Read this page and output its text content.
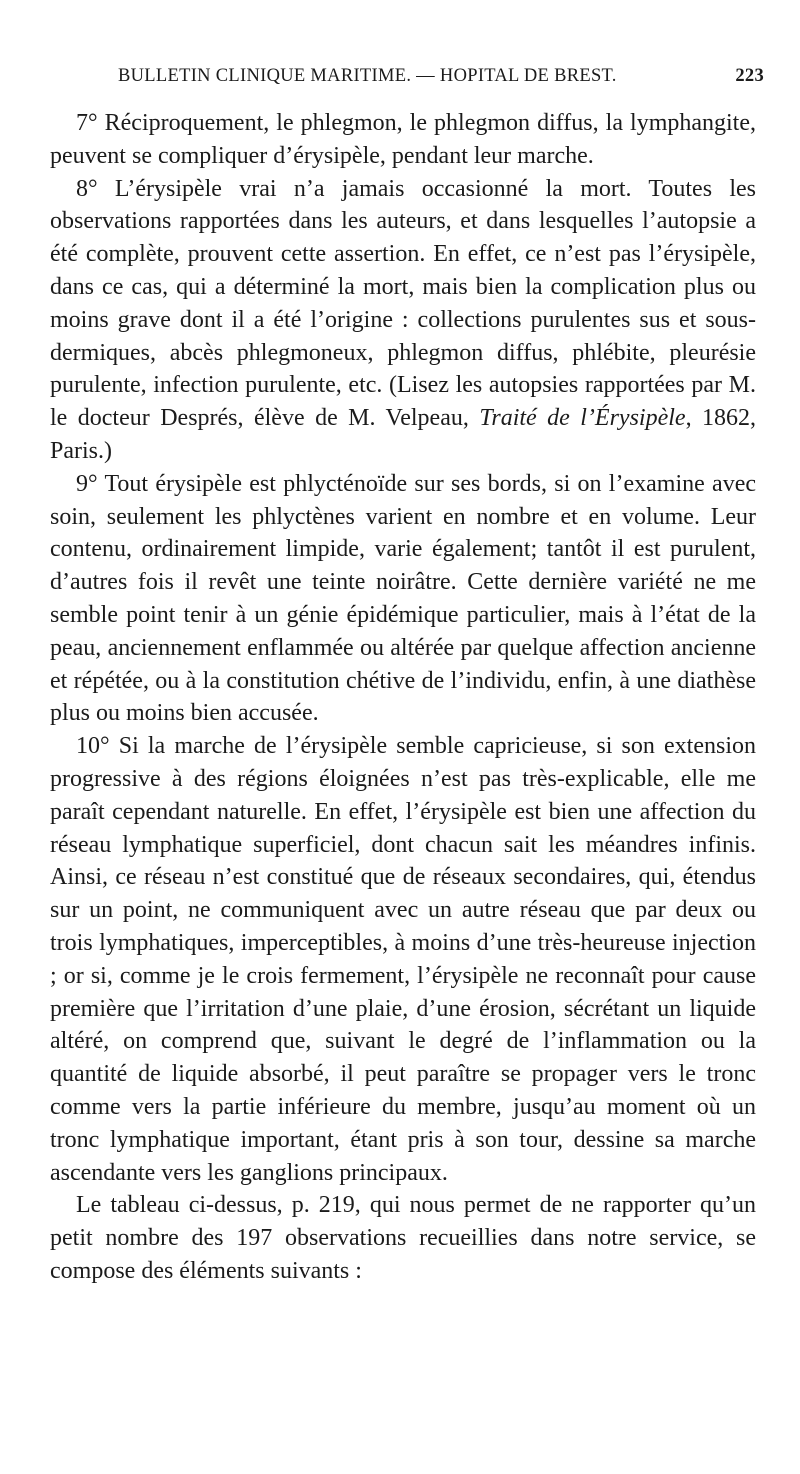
BULLETIN CLINIQUE MARITIME. — HOPITAL DE BREST.	223

7° Réciproquement, le phlegmon, le phlegmon diffus, la lymphangite, peuvent se compliquer d’érysipèle, pendant leur marche.

8° L’érysipèle vrai n’a jamais occasionné la mort. Toutes les observations rapportées dans les auteurs, et dans lesquelles l’autopsie a été complète, prouvent cette assertion. En effet, ce n’est pas l’érysipèle, dans ce cas, qui a déterminé la mort, mais bien la complication plus ou moins grave dont il a été l’origine : collections purulentes sus et sous-dermiques, abcès phlegmoneux, phlegmon diffus, phlébite, pleurésie purulente, infection purulente, etc. (Lisez les autopsies rapportées par M. le docteur Després, élève de M. Velpeau, Traité de l’Érysipèle, 1862, Paris.)

9° Tout érysipèle est phlycténoïde sur ses bords, si on l’examine avec soin, seulement les phlyctènes varient en nombre et en volume. Leur contenu, ordinairement limpide, varie également; tantôt il est purulent, d’autres fois il revêt une teinte noirâtre. Cette dernière variété ne me semble point tenir à un génie épidémique particulier, mais à l’état de la peau, anciennement enflammée ou altérée par quelque affection ancienne et répétée, ou à la constitution chétive de l’individu, enfin, à une diathèse plus ou moins bien accusée.

10° Si la marche de l’érysipèle semble capricieuse, si son extension progressive à des régions éloignées n’est pas très-explicable, elle me paraît cependant naturelle. En effet, l’érysipèle est bien une affection du réseau lymphatique superficiel, dont chacun sait les méandres infinis. Ainsi, ce réseau n’est constitué que de réseaux secondaires, qui, étendus sur un point, ne communiquent avec un autre réseau que par deux ou trois lymphatiques, imperceptibles, à moins d’une très-heureuse injection ; or si, comme je le crois fermement, l’érysipèle ne reconnaît pour cause première que l’irritation d’une plaie, d’une érosion, sécrétant un liquide altéré, on comprend que, suivant le degré de l’inflammation ou la quantité de liquide absorbé, il peut paraître se propager vers le tronc comme vers la partie inférieure du membre, jusqu’au moment où un tronc lymphatique important, étant pris à son tour, dessine sa marche ascendante vers les ganglions principaux.

Le tableau ci-dessus, p. 219, qui nous permet de ne rapporter qu’un petit nombre des 197 observations recueillies dans notre service, se compose des éléments suivants :
